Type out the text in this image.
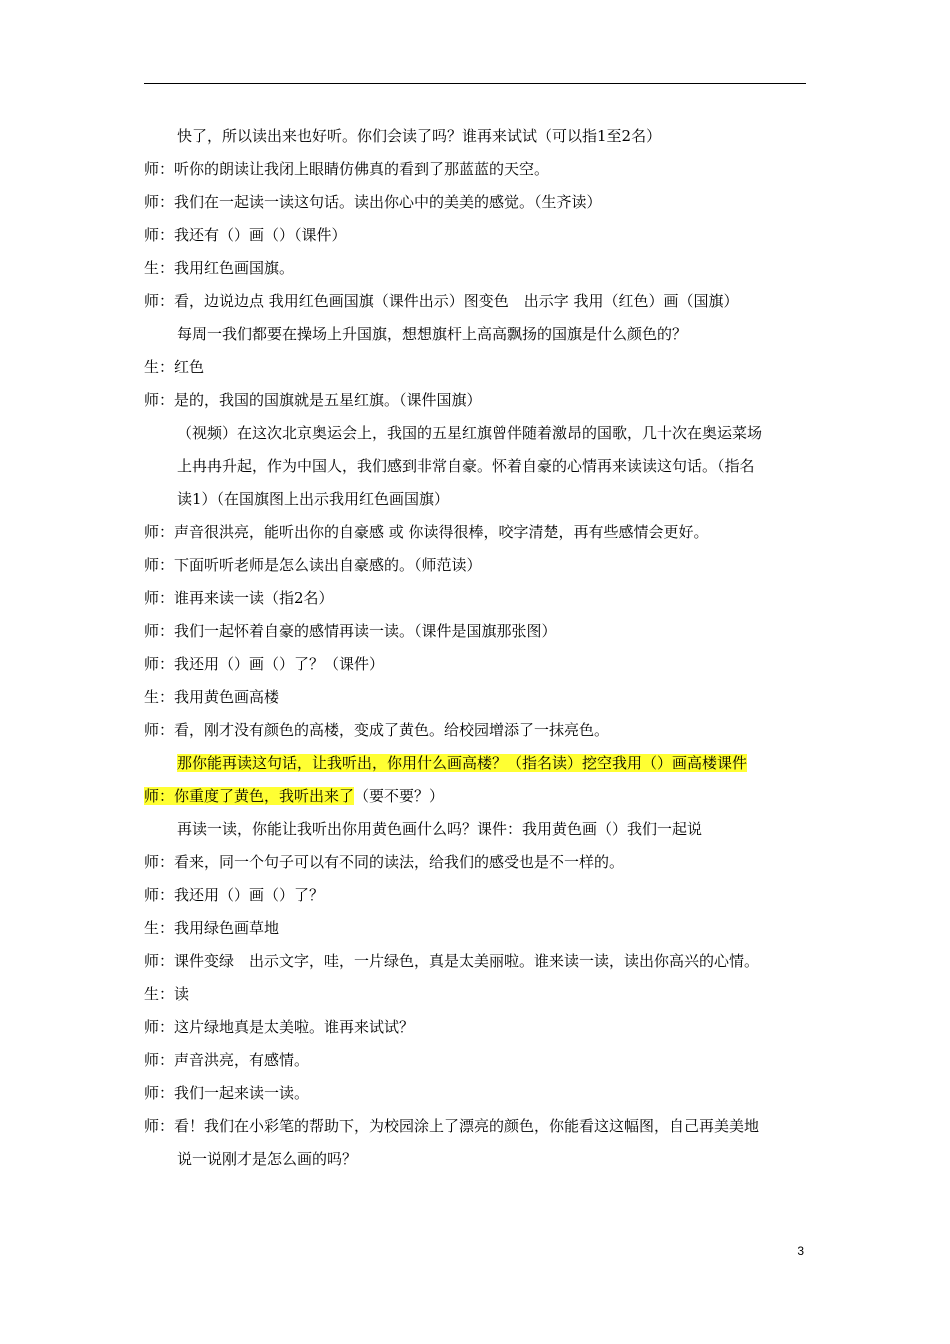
快了，所以读出来也好听。你们会读了吗？谁再来试试（可以指1至2名）
师：听你的朗读让我闭上眼睛仿佛真的看到了那蓝蓝的天空。
师：我们在一起读一读这句话。读出你心中的美美的感觉。（生齐读）
师：我还有（）画（）（课件）
生：我用红色画国旗。
师：看，边说边点 我用红色画国旗（课件出示）图变色　出示字 我用（红色）画（国旗）
每周一我们都要在操场上升国旗，想想旗杆上高高飘扬的国旗是什么颜色的？
生：红色
师：是的，我国的国旗就是五星红旗。（课件国旗）
（视频）在这次北京奥运会上，我国的五星红旗曾伴随着激昂的国歌，几十次在奥运菜场
上冉冉升起，作为中国人，我们感到非常自豪。怀着自豪的心情再来读读这句话。（指名
读1）（在国旗图上出示我用红色画国旗）
师：声音很洪亮，能听出你的自豪感 或 你读得很棒，咬字清楚，再有些感情会更好。
师：下面听听老师是怎么读出自豪感的。（师范读）
师：谁再来读一读（指2名）
师：我们一起怀着自豪的感情再读一读。（课件是国旗那张图）
师：我还用（）画（）了？（课件）
生：我用黄色画高楼
师：看，刚才没有颜色的高楼，变成了黄色。给校园增添了一抹亮色。
那你能再读这句话，让我听出，你用什么画高楼？（指名读）挖空我用（）画高楼课件
师：你重度了黄色，我听出来了（要不要？）
再读一读，你能让我听出你用黄色画什么吗？课件：我用黄色画（）我们一起说
师：看来，同一个句子可以有不同的读法，给我们的感受也是不一样的。
师：我还用（）画（）了？
生：我用绿色画草地
师：课件变绿　出示文字，哇，一片绿色，真是太美丽啦。谁来读一读，读出你高兴的心情。
生：读
师：这片绿地真是太美啦。谁再来试试？
师：声音洪亮，有感情。
师：我们一起来读一读。
师：看！我们在小彩笔的帮助下，为校园涂上了漂亮的颜色，你能看这这幅图，自己再美美地
说一说刚才是怎么画的吗？
3
